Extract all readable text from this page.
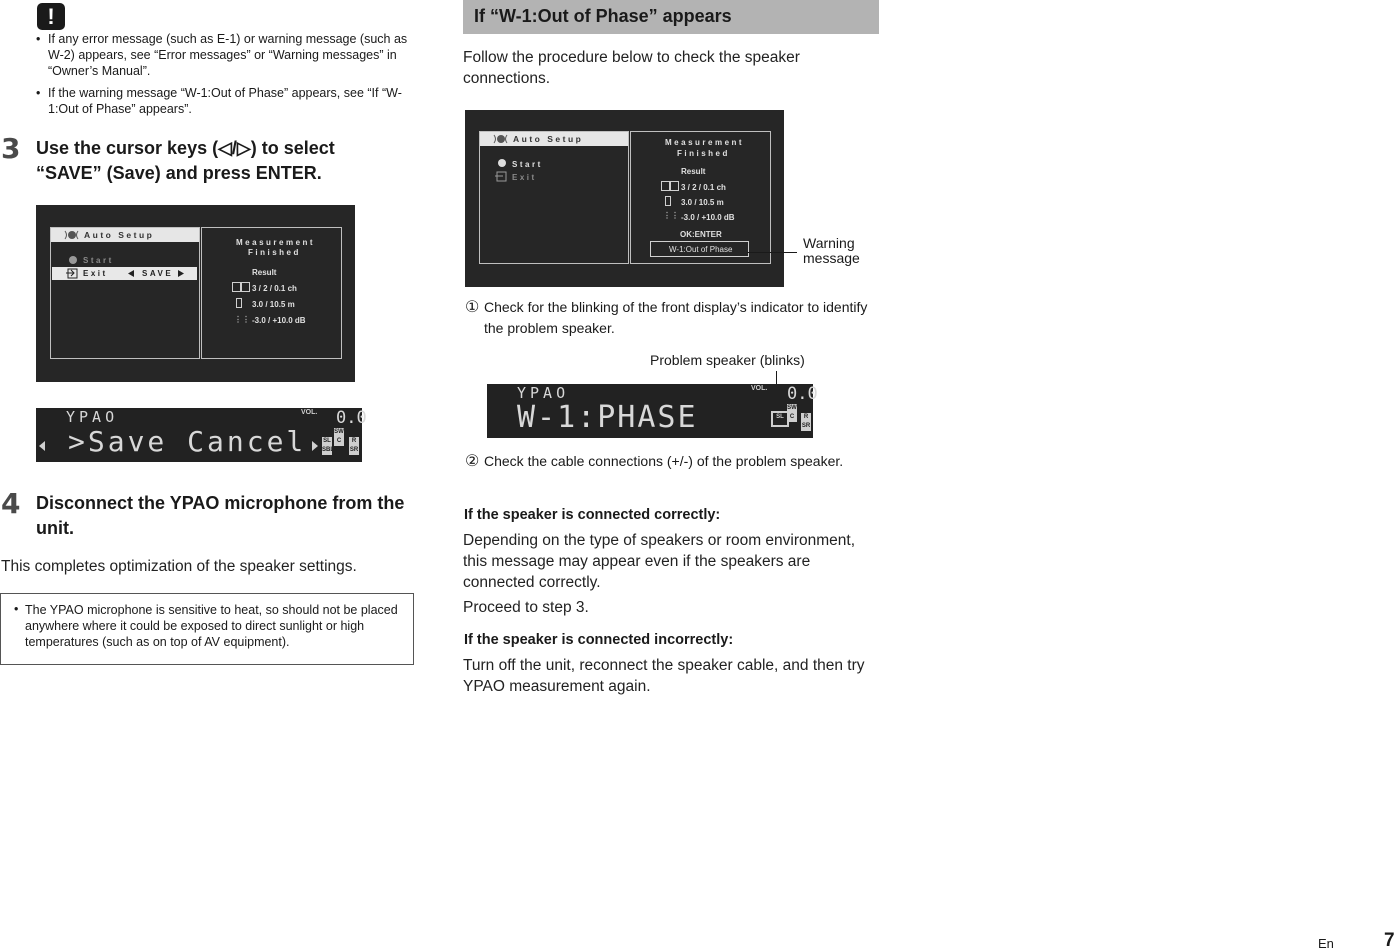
!
• If any error message (such as E-1) or warning message (such as W-2) appears, see “Error messages” or “Warning messages” in “Owner’s Manual”.
• If the warning message “W-1:Out of Phase” appears, see “If “W-1:Out of Phase” appears”.
3 Use the cursor keys (◁/▷) to select
“SAVE” (Save) and press ENTER.
Auto Setup
Start
Exit	SAVE
Measurement
Finished
Result
3 / 2 / 0.1 ch
3.0 / 10.5 m
⋮⋮ -3.0 / +10.0 dB
YPAO
>Save Cancel
VOL. 0.0
SW
SL	C
SBL
R
SR
4 Disconnect the YPAO microphone from the
unit.
This completes optimization of the speaker settings.
• The YPAO microphone is sensitive to heat, so should not be placed anywhere where it could be exposed to direct sunlight or high temperatures (such as on top of AV equipment).
If “W-1:Out of Phase” appears
Follow the procedure below to check the speaker connections.
Auto Setup
Start
Exit
Measurement
Finished
Result
3 / 2 / 0.1 ch
3.0 / 10.5 m
⋮⋮ -3.0 / +10.0 dB
OK:ENTER
W-1:Out of Phase	Warning
message
① Check for the blinking of the front display’s indicator to identify the problem speaker.
Problem speaker (blinks)
YPAO
W-1:PHASE
VOL. 0.0
SL
SW
C	R
SR
② Check the cable connections (+/-) of the problem speaker.
If the speaker is connected correctly:
Depending on the type of speakers or room environment, this message may appear even if the speakers are connected correctly.
Proceed to step 3.
If the speaker is connected incorrectly:
Turn off the unit, reconnect the speaker cable, and then try YPAO measurement again.
En	7
